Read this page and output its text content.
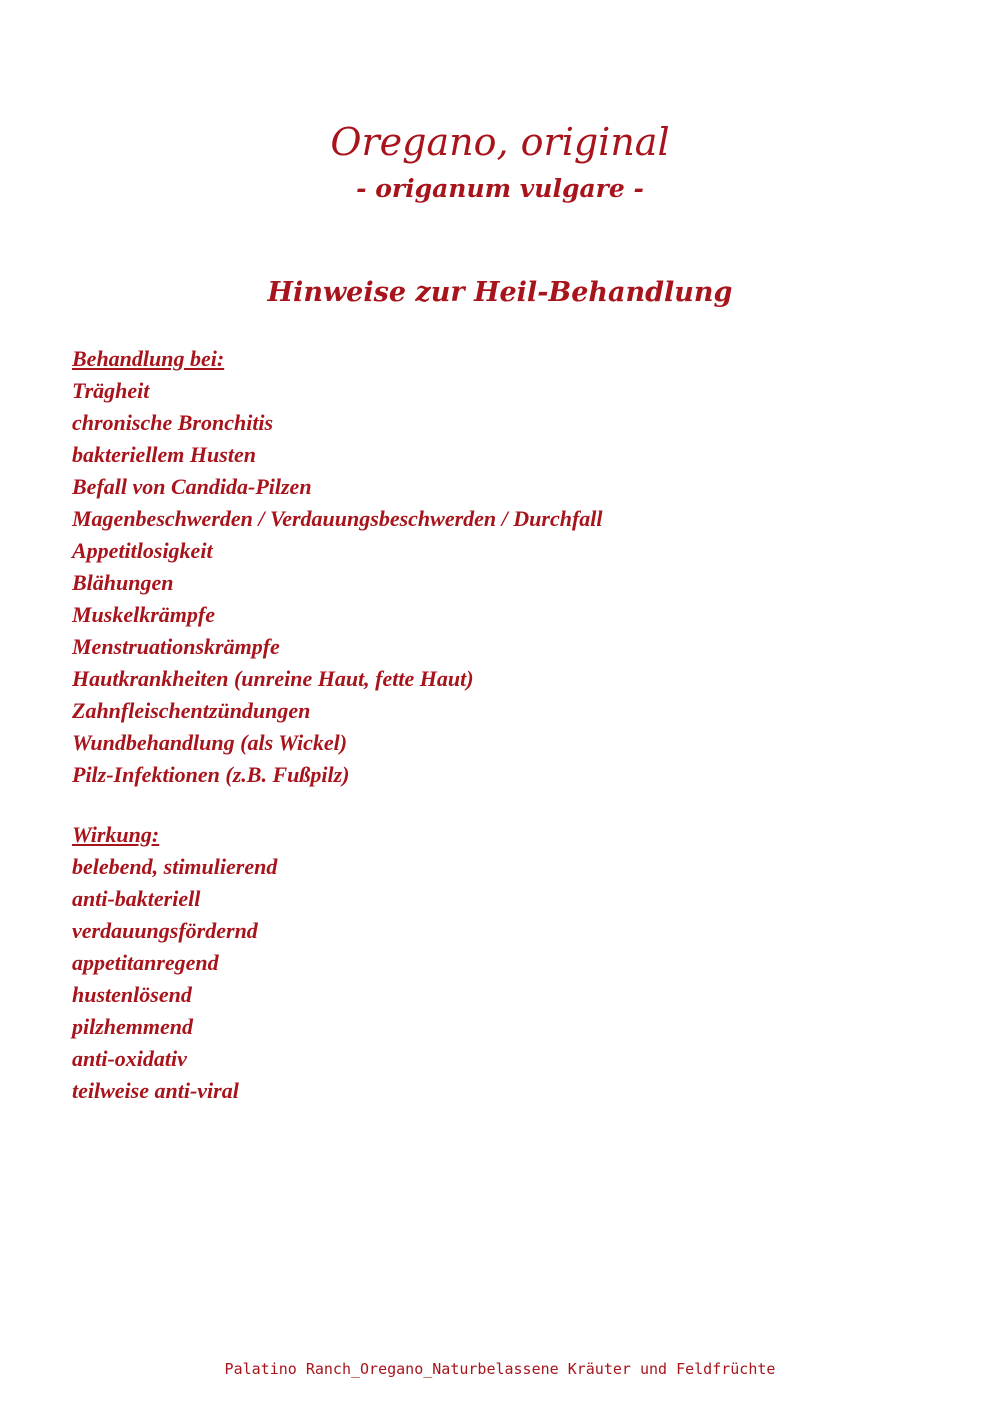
Oregano, original
- origanum vulgare -
Hinweise zur Heil-Behandlung
Behandlung bei:
Trägheit
chronische Bronchitis
bakteriellem Husten
Befall von Candida-Pilzen
Magenbeschwerden / Verdauungsbeschwerden / Durchfall
Appetitlosigkeit
Blähungen
Muskelkrämpfe
Menstruationskrämpfe
Hautkrankheiten (unreine Haut, fette Haut)
Zahnfleischentzündungen
Wundbehandlung (als Wickel)
Pilz-Infektionen (z.B. Fußpilz)
Wirkung:
belebend, stimulierend
anti-bakteriell
verdauungsfördernd
appetitanregend
hustenlösend
pilzhemmend
anti-oxidativ
teilweise anti-viral
Palatino Ranch_Oregano_Naturbelassene Kräuter und Feldfrüchte
